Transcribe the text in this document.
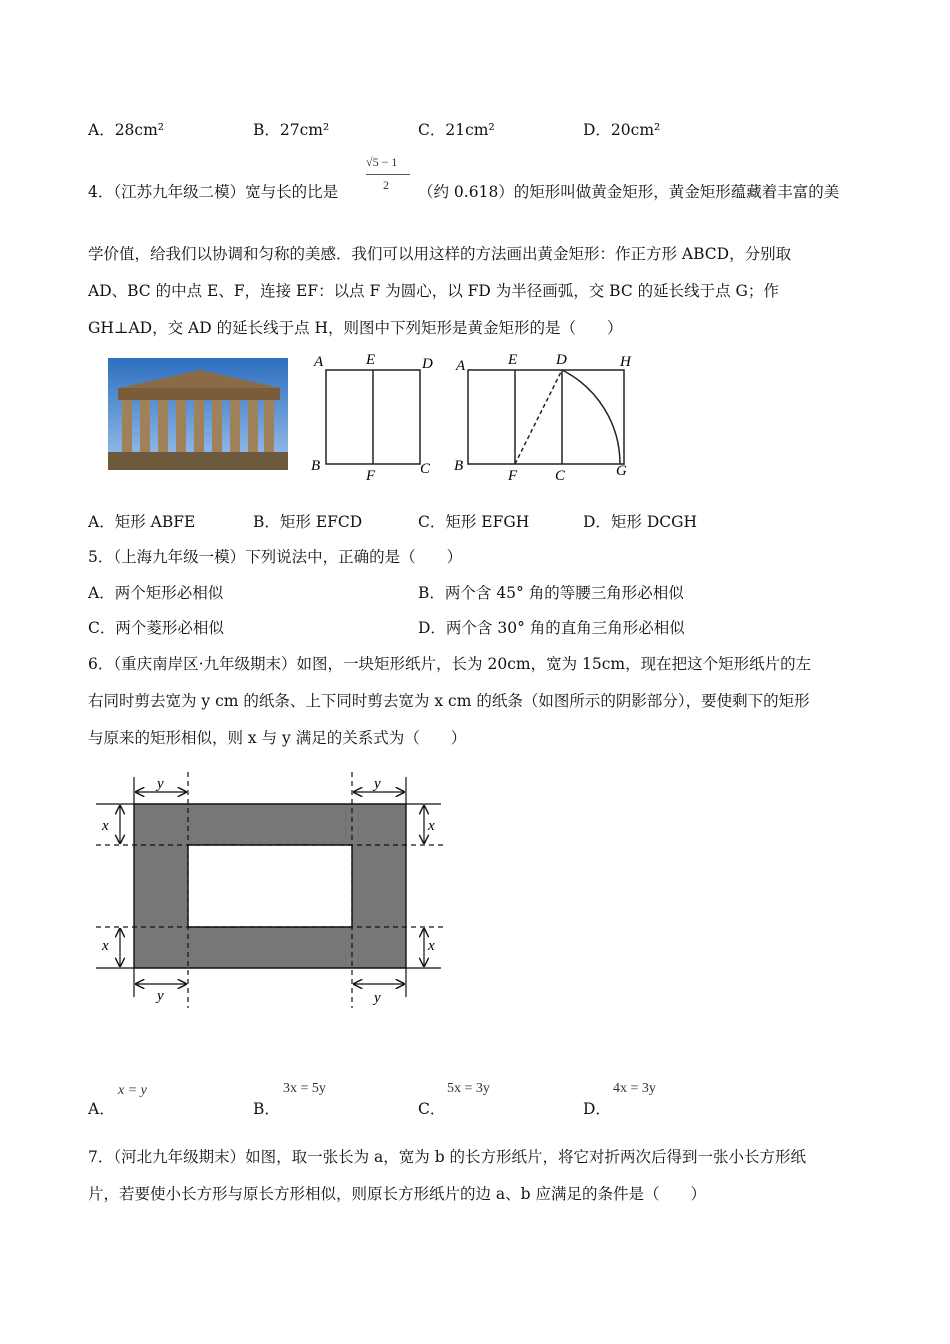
A．28cm²	B．27cm²	C．21cm²	D．20cm²
4．（江苏九年级二模）宽与长的比是
√5 − 1
2 （约 0.618）的矩形叫做黄金矩形，黄金矩形蕴藏着丰富的美
学价值，给我们以协调和匀称的美感．我们可以用这样的方法画出黄金矩形：作正方形 ABCD，分别取
AD、BC 的中点 E、F，连接 EF：以点 F 为圆心，以 FD 为半径画弧，交 BC 的延长线于点 G；作
GH⊥AD，交 AD 的延长线于点 H，则图中下列矩形是黄金矩形的是（　　）
A	E	D
B
F	C
A	E	D	H
B
F	C	G
A．矩形 ABFE	B．矩形 EFCD	C．矩形 EFGH	D．矩形 DCGH
5．（上海九年级一模）下列说法中，正确的是（　　）
A．两个矩形必相似	B．两个含 45° 角的等腰三角形必相似
C．两个菱形必相似	D．两个含 30° 角的直角三角形必相似
6．（重庆南岸区·九年级期末）如图，一块矩形纸片，长为 20cm，宽为 15cm，现在把这个矩形纸片的左
右同时剪去宽为 y cm 的纸条、上下同时剪去宽为 x cm 的纸条（如图所示的阴影部分），要使剩下的矩形
与原来的矩形相似，则 x 与 y 满足的关系式为（　　）
y	y
y	y
x	x
x	x
A．
x = y
B．
3x = 5y
C．
5x = 3y
D．
4x = 3y
7．（河北九年级期末）如图，取一张长为 a，宽为 b 的长方形纸片，将它对折两次后得到一张小长方形纸
片，若要使小长方形与原长方形相似，则原长方形纸片的边 a、b 应满足的条件是（　　）
